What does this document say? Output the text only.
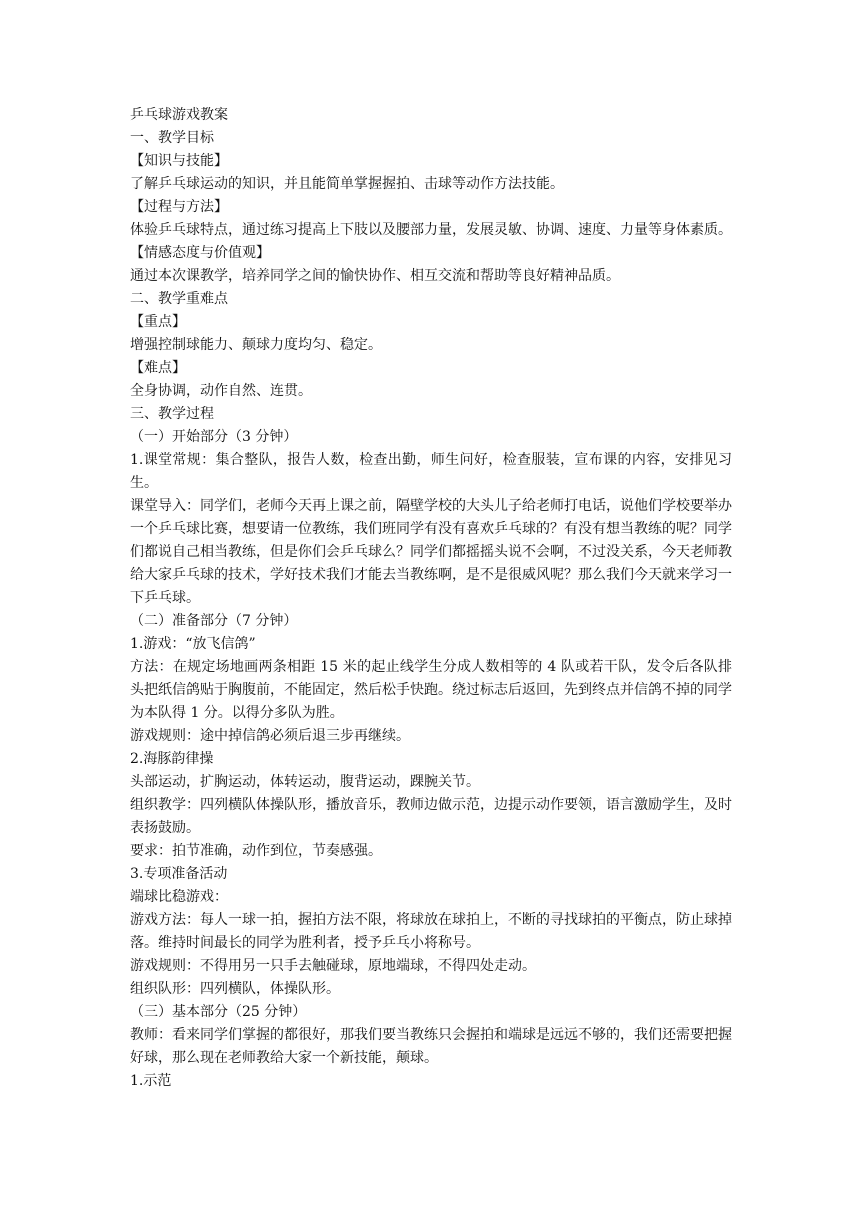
乒乓球游戏教案

一、教学目标

【知识与技能】

了解乒乓球运动的知识，并且能简单掌握握拍、击球等动作方法技能。

【过程与方法】

体验乒乓球特点，通过练习提高上下肢以及腰部力量，发展灵敏、协调、速度、力量等身体素质。

【情感态度与价值观】

通过本次课教学，培养同学之间的愉快协作、相互交流和帮助等良好精神品质。

二、教学重难点

【重点】

增强控制球能力、颠球力度均匀、稳定。

【难点】

全身协调，动作自然、连贯。

三、教学过程

（一）开始部分（3 分钟）

1.课堂常规：集合整队，报告人数，检查出勤，师生问好，检查服装，宣布课的内容，安排见习生。

课堂导入：同学们，老师今天再上课之前，隔壁学校的大头儿子给老师打电话，说他们学校要举办一个乒乓球比赛，想要请一位教练，我们班同学有没有喜欢乒乓球的？有没有想当教练的呢？同学们都说自己相当教练，但是你们会乒乓球么？同学们都摇摇头说不会啊，不过没关系，今天老师教给大家乒乓球的技术，学好技术我们才能去当教练啊，是不是很威风呢？那么我们今天就来学习一下乒乓球。

（二）准备部分（7 分钟）

1.游戏：“放飞信鸽”

方法：在规定场地画两条相距 15 米的起止线学生分成人数相等的 4 队或若干队，发令后各队排头把纸信鸽贴于胸腹前，不能固定，然后松手快跑。绕过标志后返回，先到终点并信鸽不掉的同学为本队得 1 分。以得分多队为胜。

游戏规则：途中掉信鸽必须后退三步再继续。

2.海豚韵律操

头部运动，扩胸运动，体转运动，腹背运动，踝腕关节。

组织教学：四列横队体操队形，播放音乐，教师边做示范，边提示动作要领，语言激励学生，及时表扬鼓励。

要求：拍节准确，动作到位，节奏感强。

3.专项准备活动

端球比稳游戏：

游戏方法：每人一球一拍，握拍方法不限，将球放在球拍上，不断的寻找球拍的平衡点，防止球掉落。维持时间最长的同学为胜利者，授予乒乓小将称号。

游戏规则：不得用另一只手去触碰球，原地端球，不得四处走动。

组织队形：四列横队，体操队形。

（三）基本部分（25 分钟）

教师：看来同学们掌握的都很好，那我们要当教练只会握拍和端球是远远不够的，我们还需要把握好球，那么现在老师教给大家一个新技能，颠球。

1.示范
